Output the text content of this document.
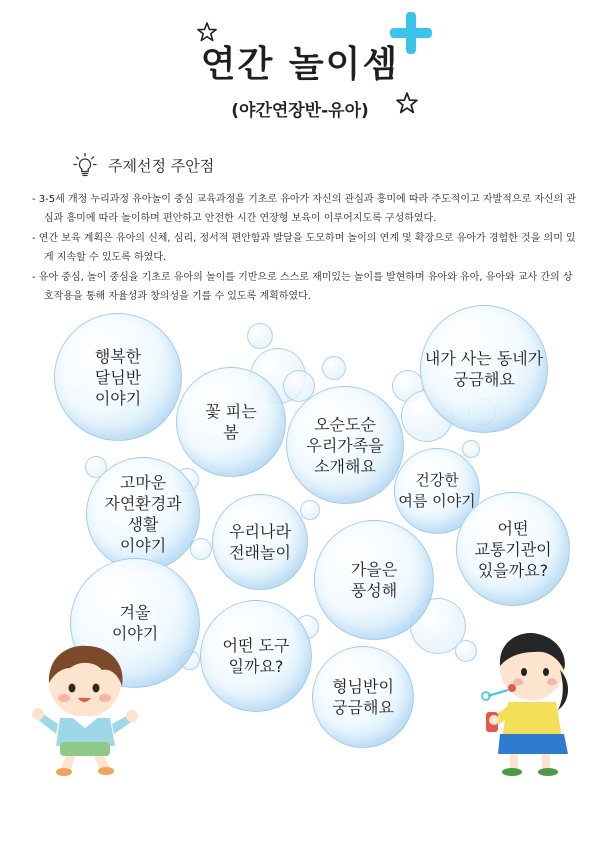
연간 놀이셈
(야간연장반-유아)
주제선정 주안점
- 3-5세 개정 누리과정 유아놀이 중심 교육과정을 기초로 유아가 자신의 관심과 흥미에 따라 주도적이고 자발적으로 자신의 관심과 흥미에 따라 놀이하며 편안하고 안전한 시간 연장형 보육이 이루어지도록 구성하였다.
- 연간 보육 계획은 유아의 신체, 심리, 정서적 편안함과 발달을 도모하며 놀이의 연계 및 확장으로 유아가 경험한 것을 의미 있게 지속할 수 있도록 하였다.
- 유아 중심, 놀이 중심을 기초로 유아의 놀이를 기반으로 스스로 재미있는 놀이를 발현하며 유아와 유아, 유아와 교사 간의 상호작용을 통해 자율성과 창의성을 기를 수 있도록 계획하였다.
행복한
달님반
이야기
꽃 피는
봄	오순도순
우리가족을
소개해요
내가 사는 동네가
궁금해요
고마운
자연환경과
생활
이야기
우리나라
전래놀이
건강한
여름 이야기
어떤
교통기관이
있을까요?
가을은
풍성해
겨울
이야기
어떤 도구
일까요?
형님반이
궁금해요
